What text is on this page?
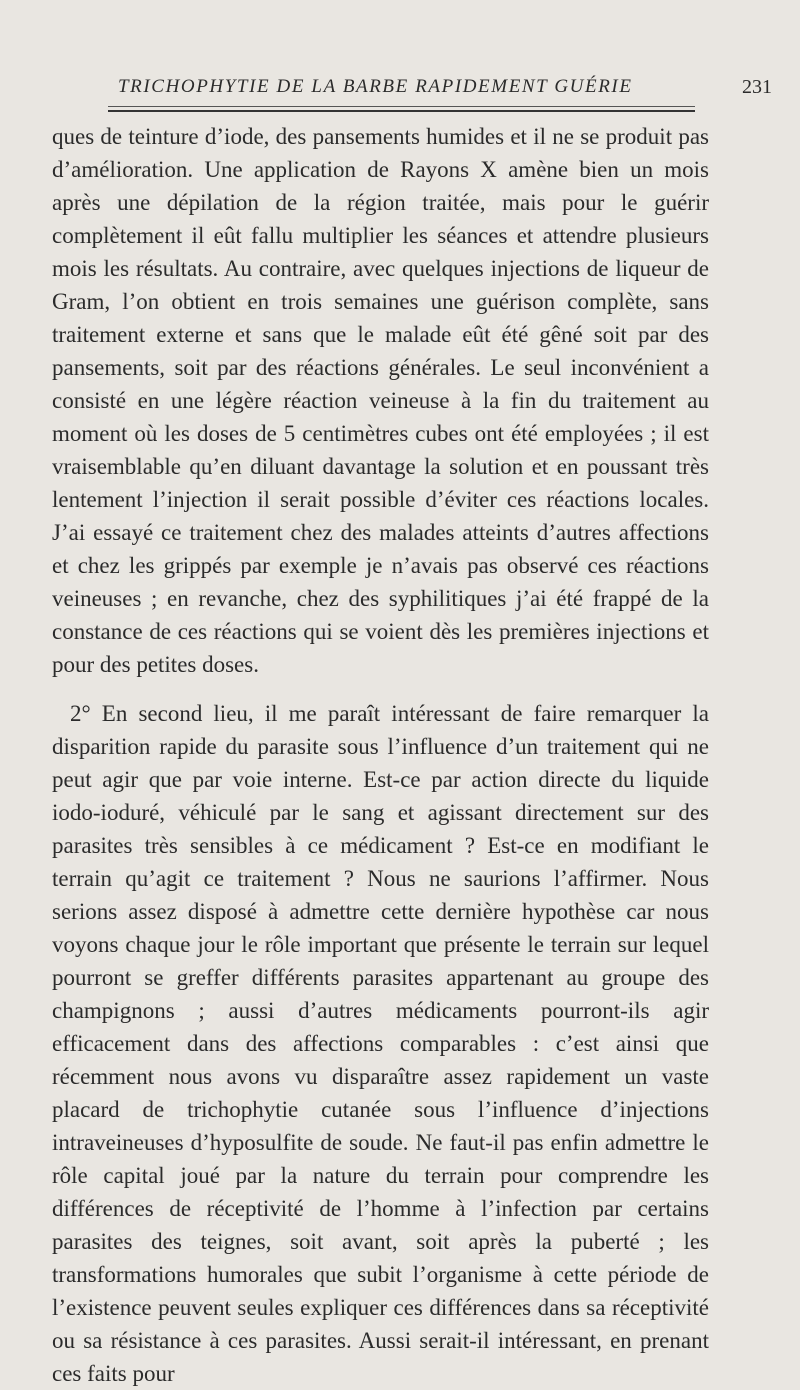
TRICHOPHYTIE DE LA BARBE RAPIDEMENT GUÉRIE	231

ques de teinture d’iode, des pansements humides et il ne se produit pas d’amélioration. Une application de Rayons X amène bien un mois après une dépilation de la région traitée, mais pour le guérir complètement il eût fallu multiplier les séances et attendre plusieurs mois les résultats. Au contraire, avec quelques injections de liqueur de Gram, l’on obtient en trois semaines une guérison complète, sans traitement externe et sans que le malade eût été gêné soit par des pansements, soit par des réactions générales. Le seul inconvénient a consisté en une légère réaction veineuse à la fin du traitement au moment où les doses de 5 centimètres cubes ont été employées ; il est vraisemblable qu’en diluant davantage la solution et en poussant très lentement l’injection il serait possible d’éviter ces réactions locales. J’ai essayé ce traitement chez des malades atteints d’autres affections et chez les grippés par exemple je n’avais pas observé ces réactions veineuses ; en revanche, chez des syphilitiques j’ai été frappé de la constance de ces réactions qui se voient dès les premières injections et pour des petites doses.

2° En second lieu, il me paraît intéressant de faire remarquer la disparition rapide du parasite sous l’influence d’un traitement qui ne peut agir que par voie interne. Est-ce par action directe du liquide iodo-ioduré, véhiculé par le sang et agissant directement sur des parasites très sensibles à ce médicament ? Est-ce en modifiant le terrain qu’agit ce traitement ? Nous ne saurions l’affirmer. Nous serions assez disposé à admettre cette dernière hypothèse car nous voyons chaque jour le rôle important que présente le terrain sur lequel pourront se greffer différents parasites appartenant au groupe des champignons ; aussi d’autres médicaments pourront-ils agir efficacement dans des affections comparables : c’est ainsi que récemment nous avons vu disparaître assez rapidement un vaste placard de trichophytie cutanée sous l’influence d’injections intraveineuses d’hyposulfite de soude. Ne faut-il pas enfin admettre le rôle capital joué par la nature du terrain pour comprendre les différences de réceptivité de l’homme à l’infection par certains parasites des teignes, soit avant, soit après la puberté ; les transformations humorales que subit l’organisme à cette période de l’existence peuvent seules expliquer ces différences dans sa réceptivité ou sa résistance à ces parasites. Aussi serait-il intéressant, en prenant ces faits pour
